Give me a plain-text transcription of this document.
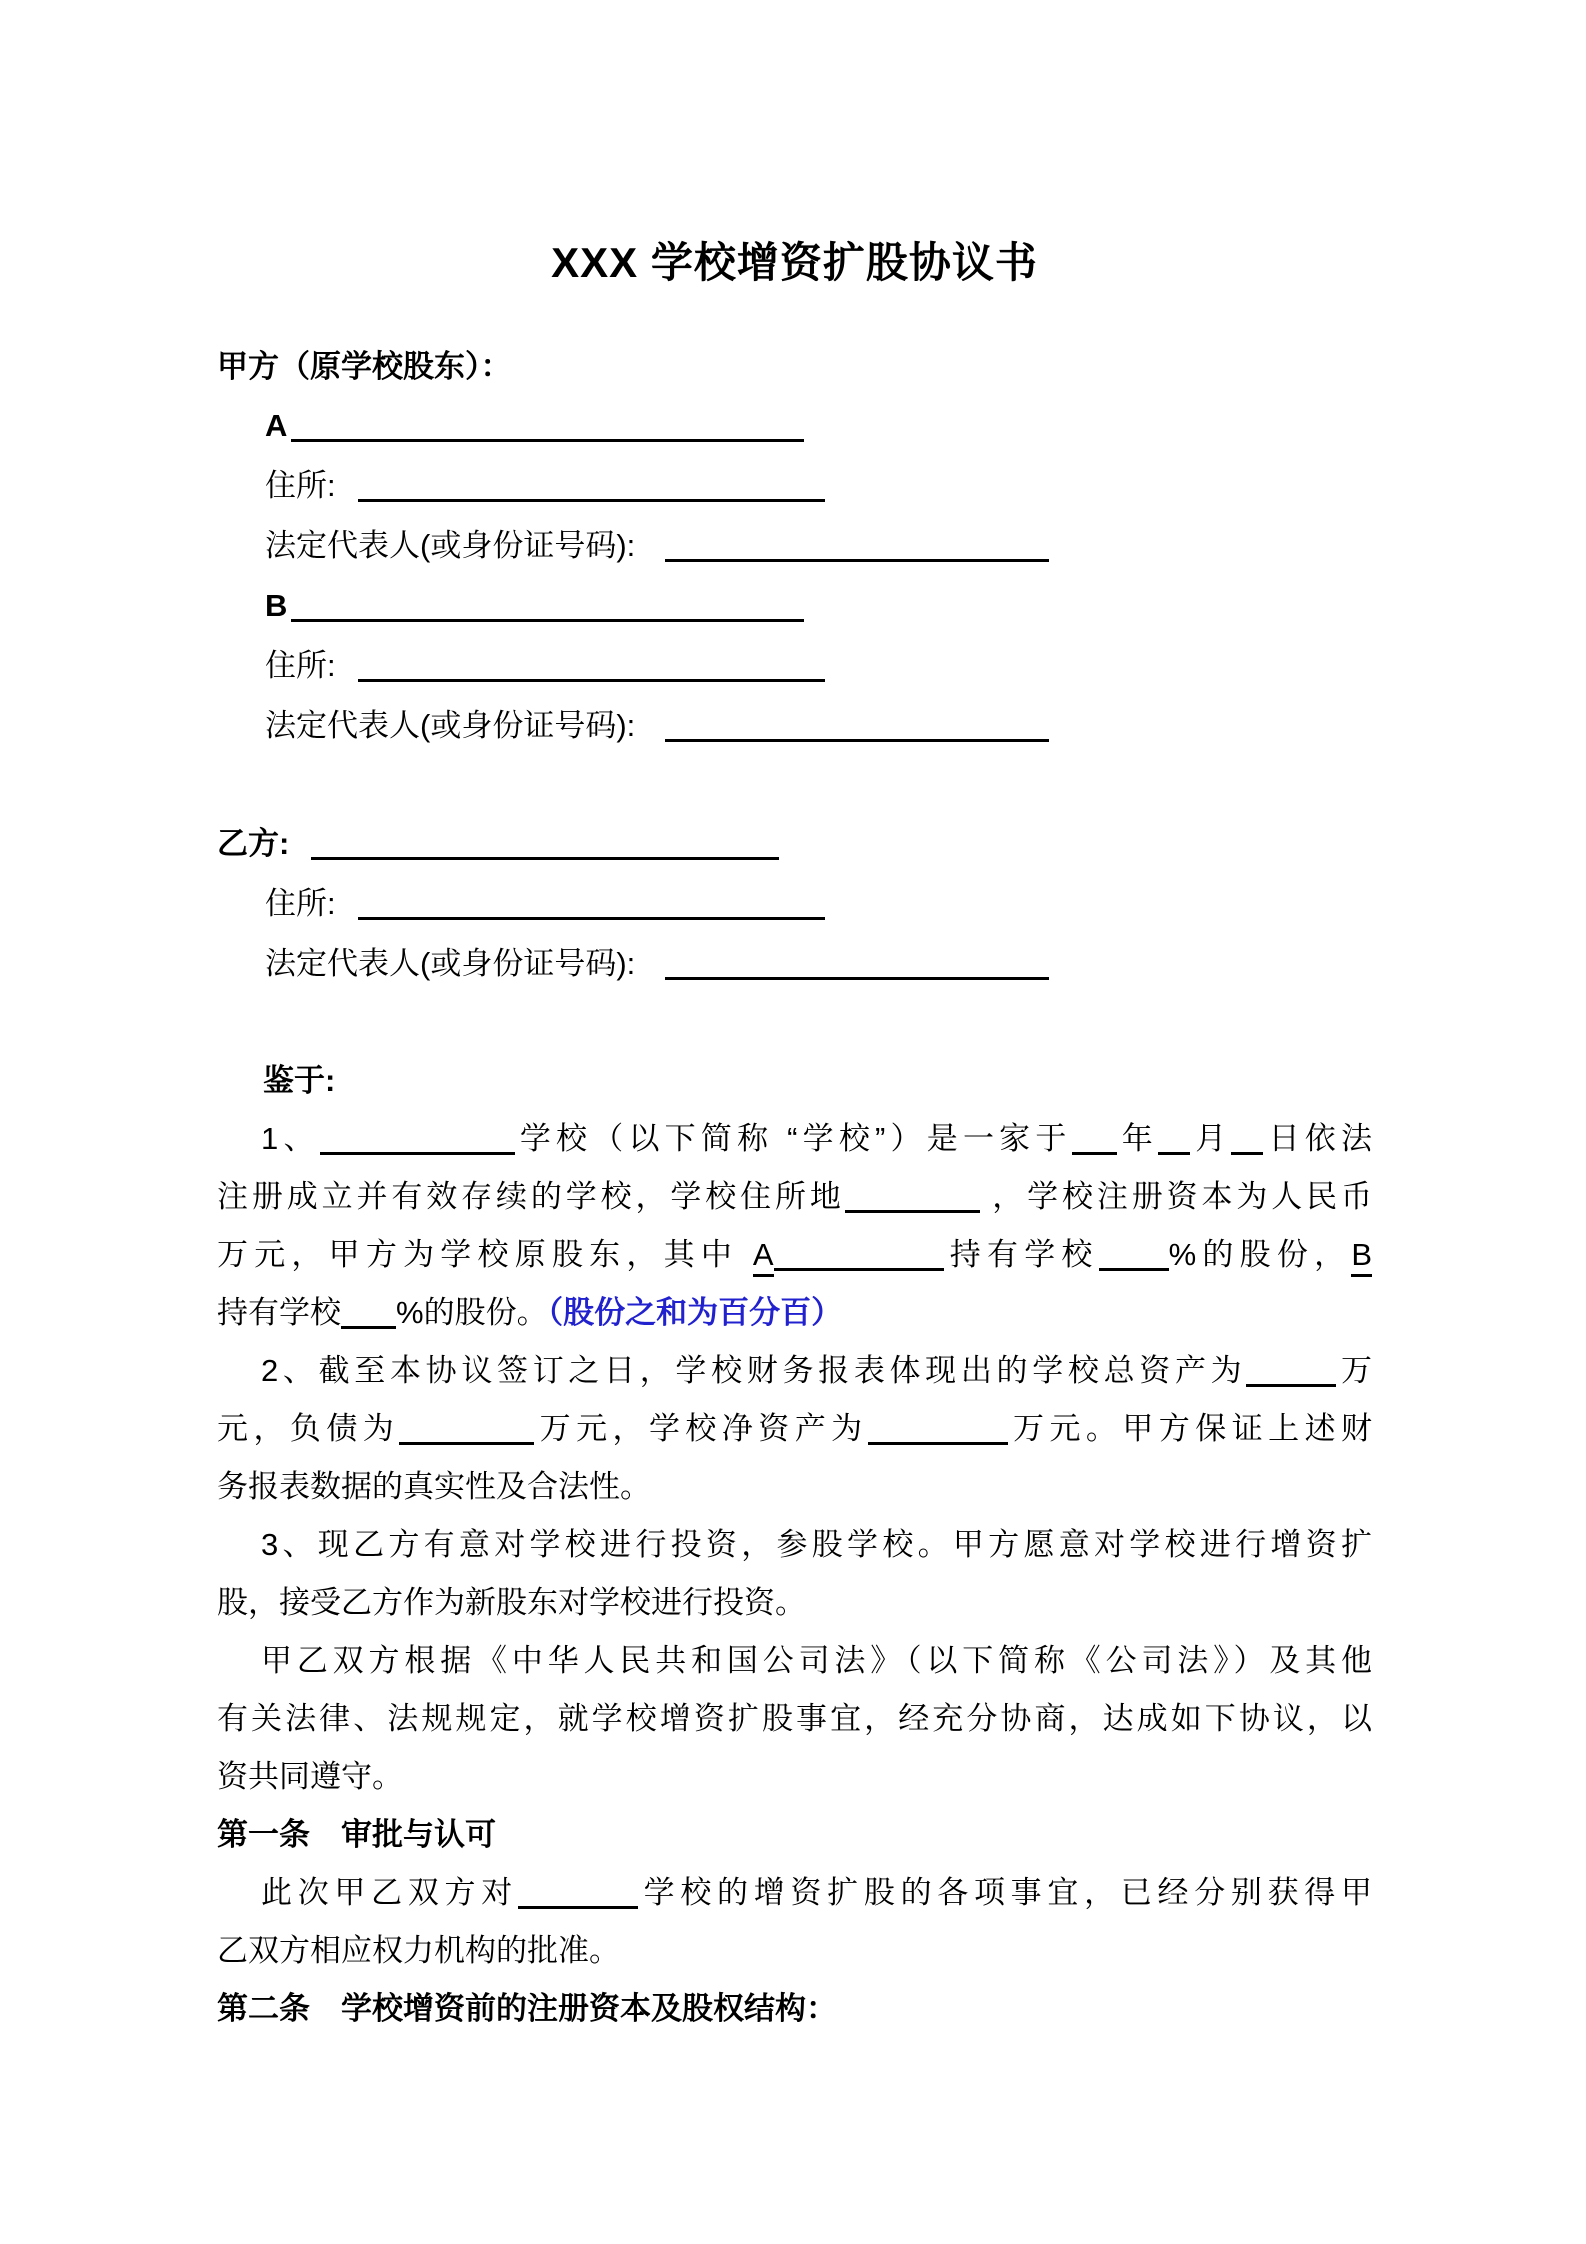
XXX 学校增资扩股协议书
甲方（原学校股东）：
A
住所:
法定代表人(或身份证号码):
B
住所:
法定代表人(或身份证号码):
乙方:
住所:
法定代表人(或身份证号码):
鉴于:
1、	学校（以下简称 “学校”）是一家于 年 月 日依法
注册成立并有效存续的学校，学校住所地	，学校注册资本为人民币
万元，甲方为学校原股东，其中 A	持有学校 %的股份，B
持有学校 %的股份。（股份之和为百分百）
2、截至本协议签订之日，学校财务报表体现出的学校总资产为	万
元，负债为	万元，学校净资产为	万元。甲方保证上述财
务报表数据的真实性及合法性。
3、现乙方有意对学校进行投资，参股学校。甲方愿意对学校进行增资扩
股，接受乙方作为新股东对学校进行投资。
甲乙双方根据《中华人民共和国公司法》（以下简称《公司法》）及其他
有关法律、法规规定，就学校增资扩股事宜，经充分协商，达成如下协议，以
资共同遵守。
第一条　审批与认可
此次甲乙双方对	学校的增资扩股的各项事宜，已经分别获得甲
乙双方相应权力机构的批准。
第二条　学校增资前的注册资本及股权结构：
